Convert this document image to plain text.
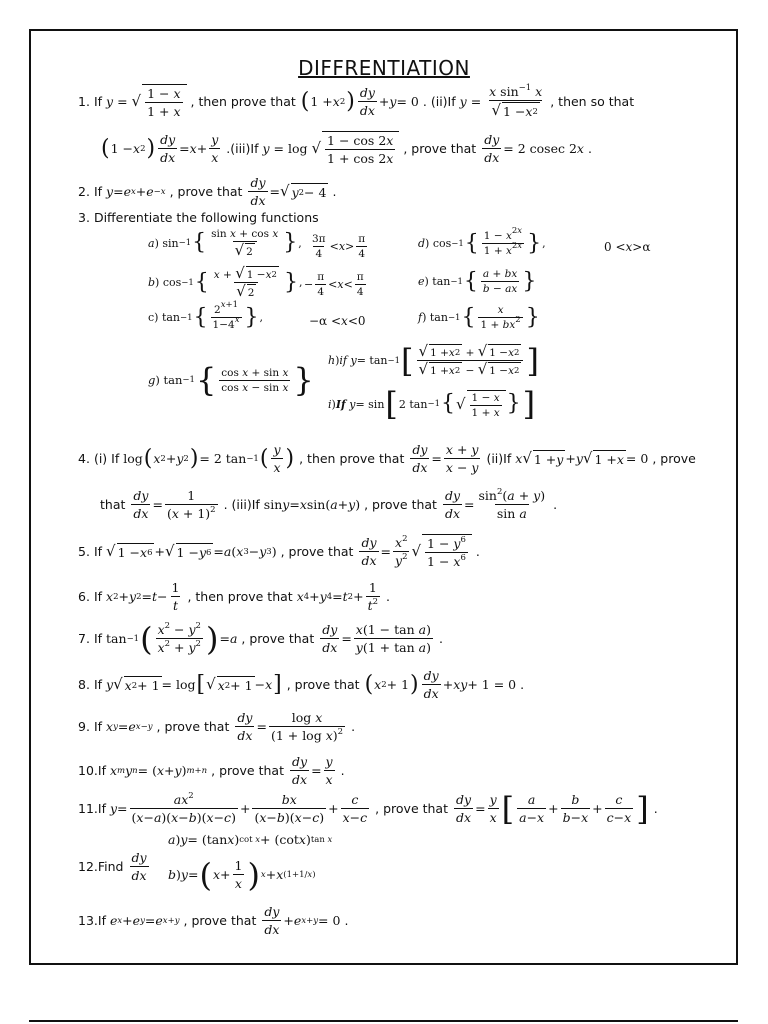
DIFFRENTIATION
1. If y = √ $\frac{1 - x}{1 + x}$ , then prove that ( 1 + x 2 ) $\frac{dy}{dx} + y = 0$ . (ii)If $y = \frac{x \sin^{-1} x}{√ 1 - x 2}$ , then so that
( 1 − x 2 ) $\frac{dy}{dx} = x + \frac{y}{x} .(iii)If$ y = log √ $\frac{1 - \cos 2x}{1 + \cos 2x}$ , prove that $\frac{dy}{dx} = 2$ cosec 2 x .
2. If y = e x + e −x , prove that $\frac{dy}{dx}$ = √ y 2 − 4 .
3. Differentiate the following functions
a ) sin −1 { $\frac{\text{sin x + cos x}}{√ 2}$ } , $\frac{3\pi}{4} < x > \frac{\pi}{4}$
b ) cos −1 { $\frac{x + √ 1 - x 2}{√ 2}$ } , − $\frac{\pi}{4} < x < \frac{\pi}{4}$
c) tan −1 { $\frac{2^{x+1}}{1-4^x}$ } ,	−α < x <0
d ) cos −1 { $\frac{1 - x^{2x}}{1 + x^{2x}}$ } ,	0 < x >α
e ) tan −1 { $\frac{a + bx}{b - ax}$ }
f ) tan −1 { $\frac{x}{1 + bx^2}$ }
g ) tan −1 { $\frac{\text{cos x + sin x}}{\text{cos x − sin x}}$ }
h ) if
y = tan −1 [ $\frac{√ 1 + x 2 + √ 1 - x 2}{√ 1 + x 2 - √ 1 - x 2}$ ]
i ) If
y = sin [ 2 tan −1 { √ $\frac{1 - x}{1 + x}$ } ]
4. (i) If log ( x 2 + y 2 ) = 2 tan −1 ( $\frac{y}{x}$ ) , then prove that $\frac{dy}{dx} = \frac{x + y}{x - y} (ii)If$ x √ 1 + y + y √ 1 + x = 0 , prove
that $\frac{dy}{dx} = \frac{1}{(x + 1)^2}$ . (iii)If sin y = x sin( a + y ) , prove that $\frac{dy}{dx} = \frac{\sin^2(a + y)}{\text{sin a}}$ .
5. If √ 1 − x 6 + √ 1 − y 6 = a ( x 3 − y 3 ) , prove that $\frac{dy}{dx} = \frac{x^2}{y^2}$ √ $\frac{1 - y^6}{1 - x^6}$ .
6. If x 2 + y $2 = t - \frac{1}{t}$ , then prove that x 4 + y 4 = t $2 + \frac{1}{t^2}$ .
7. If tan −1 ( $\frac{x^2 - y^2}{x^2 + y^2}$ ) = a , prove that $\frac{dy}{dx} = \frac{\text{x(1 − tan a)}}{\text{y(1 + tan a)}}$ .
8. If y √ x 2 + 1 = log [ √ x 2 + 1 − x ] , prove that ( x 2 + 1 ) $\frac{dy}{dx}$ + xy + 1 = 0 .
9. If x y = e x−y , prove that $\frac{dy}{dx} = \frac{\text{log x}}{(1 + \log x)^2}$ .
10.If x m y n = ( x + y ) m+n , prove that $\frac{dy}{dx} = \frac{y}{x}$ .
11.If $y = \frac{ax^2}{(x-a)(x-b)(x-c)} + \frac{bx}{(x-b)(x-c)} + \frac{c}{x-c}$ , prove that $\frac{dy}{dx} = \frac{y}{x}$ [ $\frac{a}{a-x} + \frac{b}{b-x} + \frac{c}{c-x}$ ] .
12.Find $\frac{dy}{dx}$
a ) y = (tan x ) cot x + (cot x ) tan x
b ) y = ( $x + \frac{1}{x}$ ) x + x (1+1/x)
13.If e x + e y = e x+y , prove that $\frac{dy}{dx} + e$ x+y = 0 .
